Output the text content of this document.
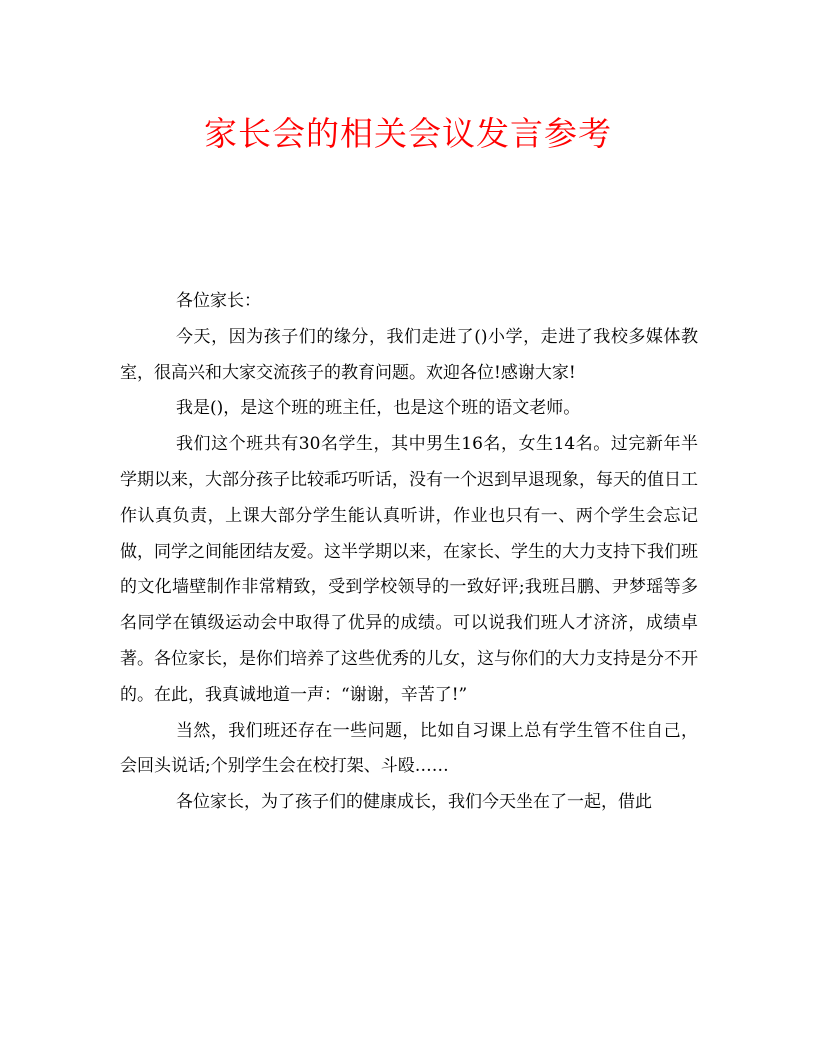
家长会的相关会议发言参考

各位家长：

今天，因为孩子们的缘分，我们走进了()小学，走进了我校多媒体教室，很高兴和大家交流孩子的教育问题。欢迎各位!感谢大家!

我是()，是这个班的班主任，也是这个班的语文老师。

我们这个班共有30名学生，其中男生16名，女生14名。过完新年半学期以来，大部分孩子比较乖巧听话，没有一个迟到早退现象，每天的值日工作认真负责，上课大部分学生能认真听讲，作业也只有一、两个学生会忘记做，同学之间能团结友爱。这半学期以来，在家长、学生的大力支持下我们班的文化墙壁制作非常精致，受到学校领导的一致好评;我班吕鹏、尹梦瑶等多名同学在镇级运动会中取得了优异的成绩。可以说我们班人才济济，成绩卓著。各位家长，是你们培养了这些优秀的儿女，这与你们的大力支持是分不开的。在此，我真诚地道一声：“谢谢，辛苦了!”

当然，我们班还存在一些问题，比如自习课上总有学生管不住自己，会回头说话;个别学生会在校打架、斗殴……

各位家长，为了孩子们的健康成长，我们今天坐在了一起，借此
